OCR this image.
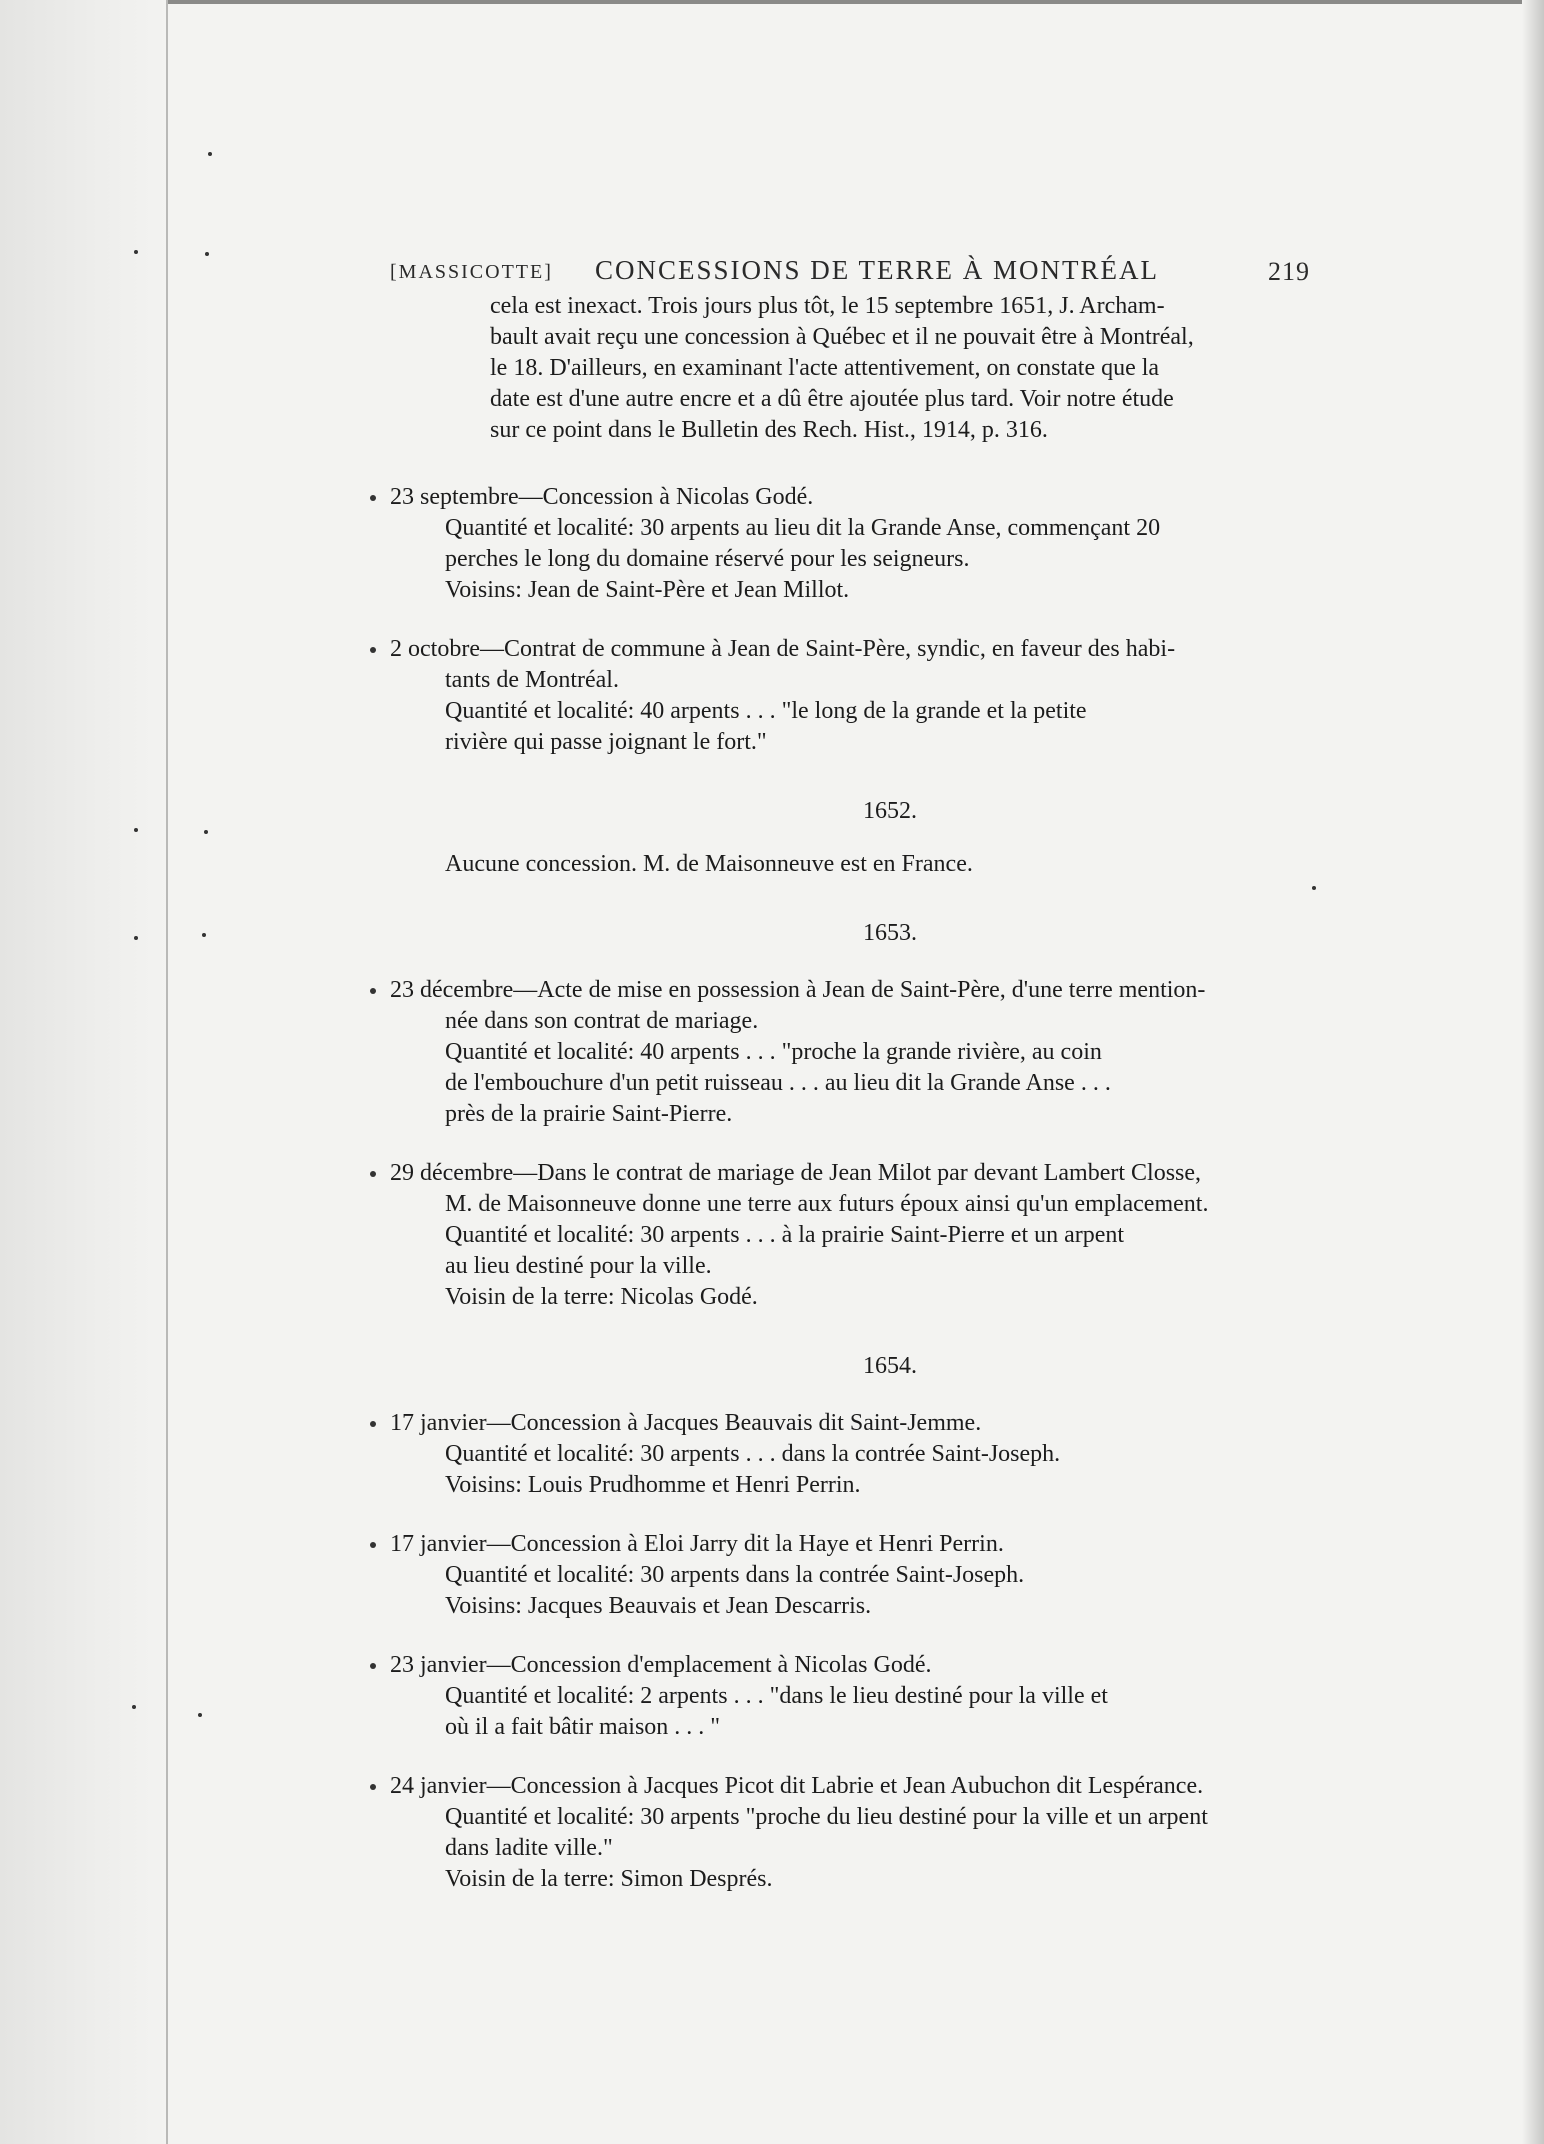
[MASSICOTTE] CONCESSIONS DE TERRE À MONTRÉAL	219
cela est inexact. Trois jours plus tôt, le 15 septembre 1651, J. Archam-
bault avait reçu une concession à Québec et il ne pouvait être à Montréal,
le 18. D'ailleurs, en examinant l'acte attentivement, on constate que la
date est d'une autre encre et a dû être ajoutée plus tard. Voir notre étude
sur ce point dans le Bulletin des Rech. Hist., 1914, p. 316.
23 septembre—Concession à Nicolas Godé.
Quantité et localité: 30 arpents au lieu dit la Grande Anse, commençant 20
perches le long du domaine réservé pour les seigneurs.
Voisins: Jean de Saint-Père et Jean Millot.
2 octobre—Contrat de commune à Jean de Saint-Père, syndic, en faveur des habi-
tants de Montréal.
Quantité et localité: 40 arpents . . . "le long de la grande et la petite
rivière qui passe joignant le fort."
1652.
Aucune concession. M. de Maisonneuve est en France.
1653.
23 décembre—Acte de mise en possession à Jean de Saint-Père, d'une terre mention-
née dans son contrat de mariage.
Quantité et localité: 40 arpents . . . "proche la grande rivière, au coin
de l'embouchure d'un petit ruisseau . . . au lieu dit la Grande Anse . . .
près de la prairie Saint-Pierre.
29 décembre—Dans le contrat de mariage de Jean Milot par devant Lambert Closse,
M. de Maisonneuve donne une terre aux futurs époux ainsi qu'un emplacement.
Quantité et localité: 30 arpents . . . à la prairie Saint-Pierre et un arpent
au lieu destiné pour la ville.
Voisin de la terre: Nicolas Godé.
1654.
17 janvier—Concession à Jacques Beauvais dit Saint-Jemme.
Quantité et localité: 30 arpents . . . dans la contrée Saint-Joseph.
Voisins: Louis Prudhomme et Henri Perrin.
17 janvier—Concession à Eloi Jarry dit la Haye et Henri Perrin.
Quantité et localité: 30 arpents dans la contrée Saint-Joseph.
Voisins: Jacques Beauvais et Jean Descarris.
23 janvier—Concession d'emplacement à Nicolas Godé.
Quantité et localité: 2 arpents . . . "dans le lieu destiné pour la ville et
où il a fait bâtir maison . . . "
24 janvier—Concession à Jacques Picot dit Labrie et Jean Aubuchon dit Lespérance.
Quantité et localité: 30 arpents "proche du lieu destiné pour la ville et un arpent
dans ladite ville."
Voisin de la terre: Simon Després.
